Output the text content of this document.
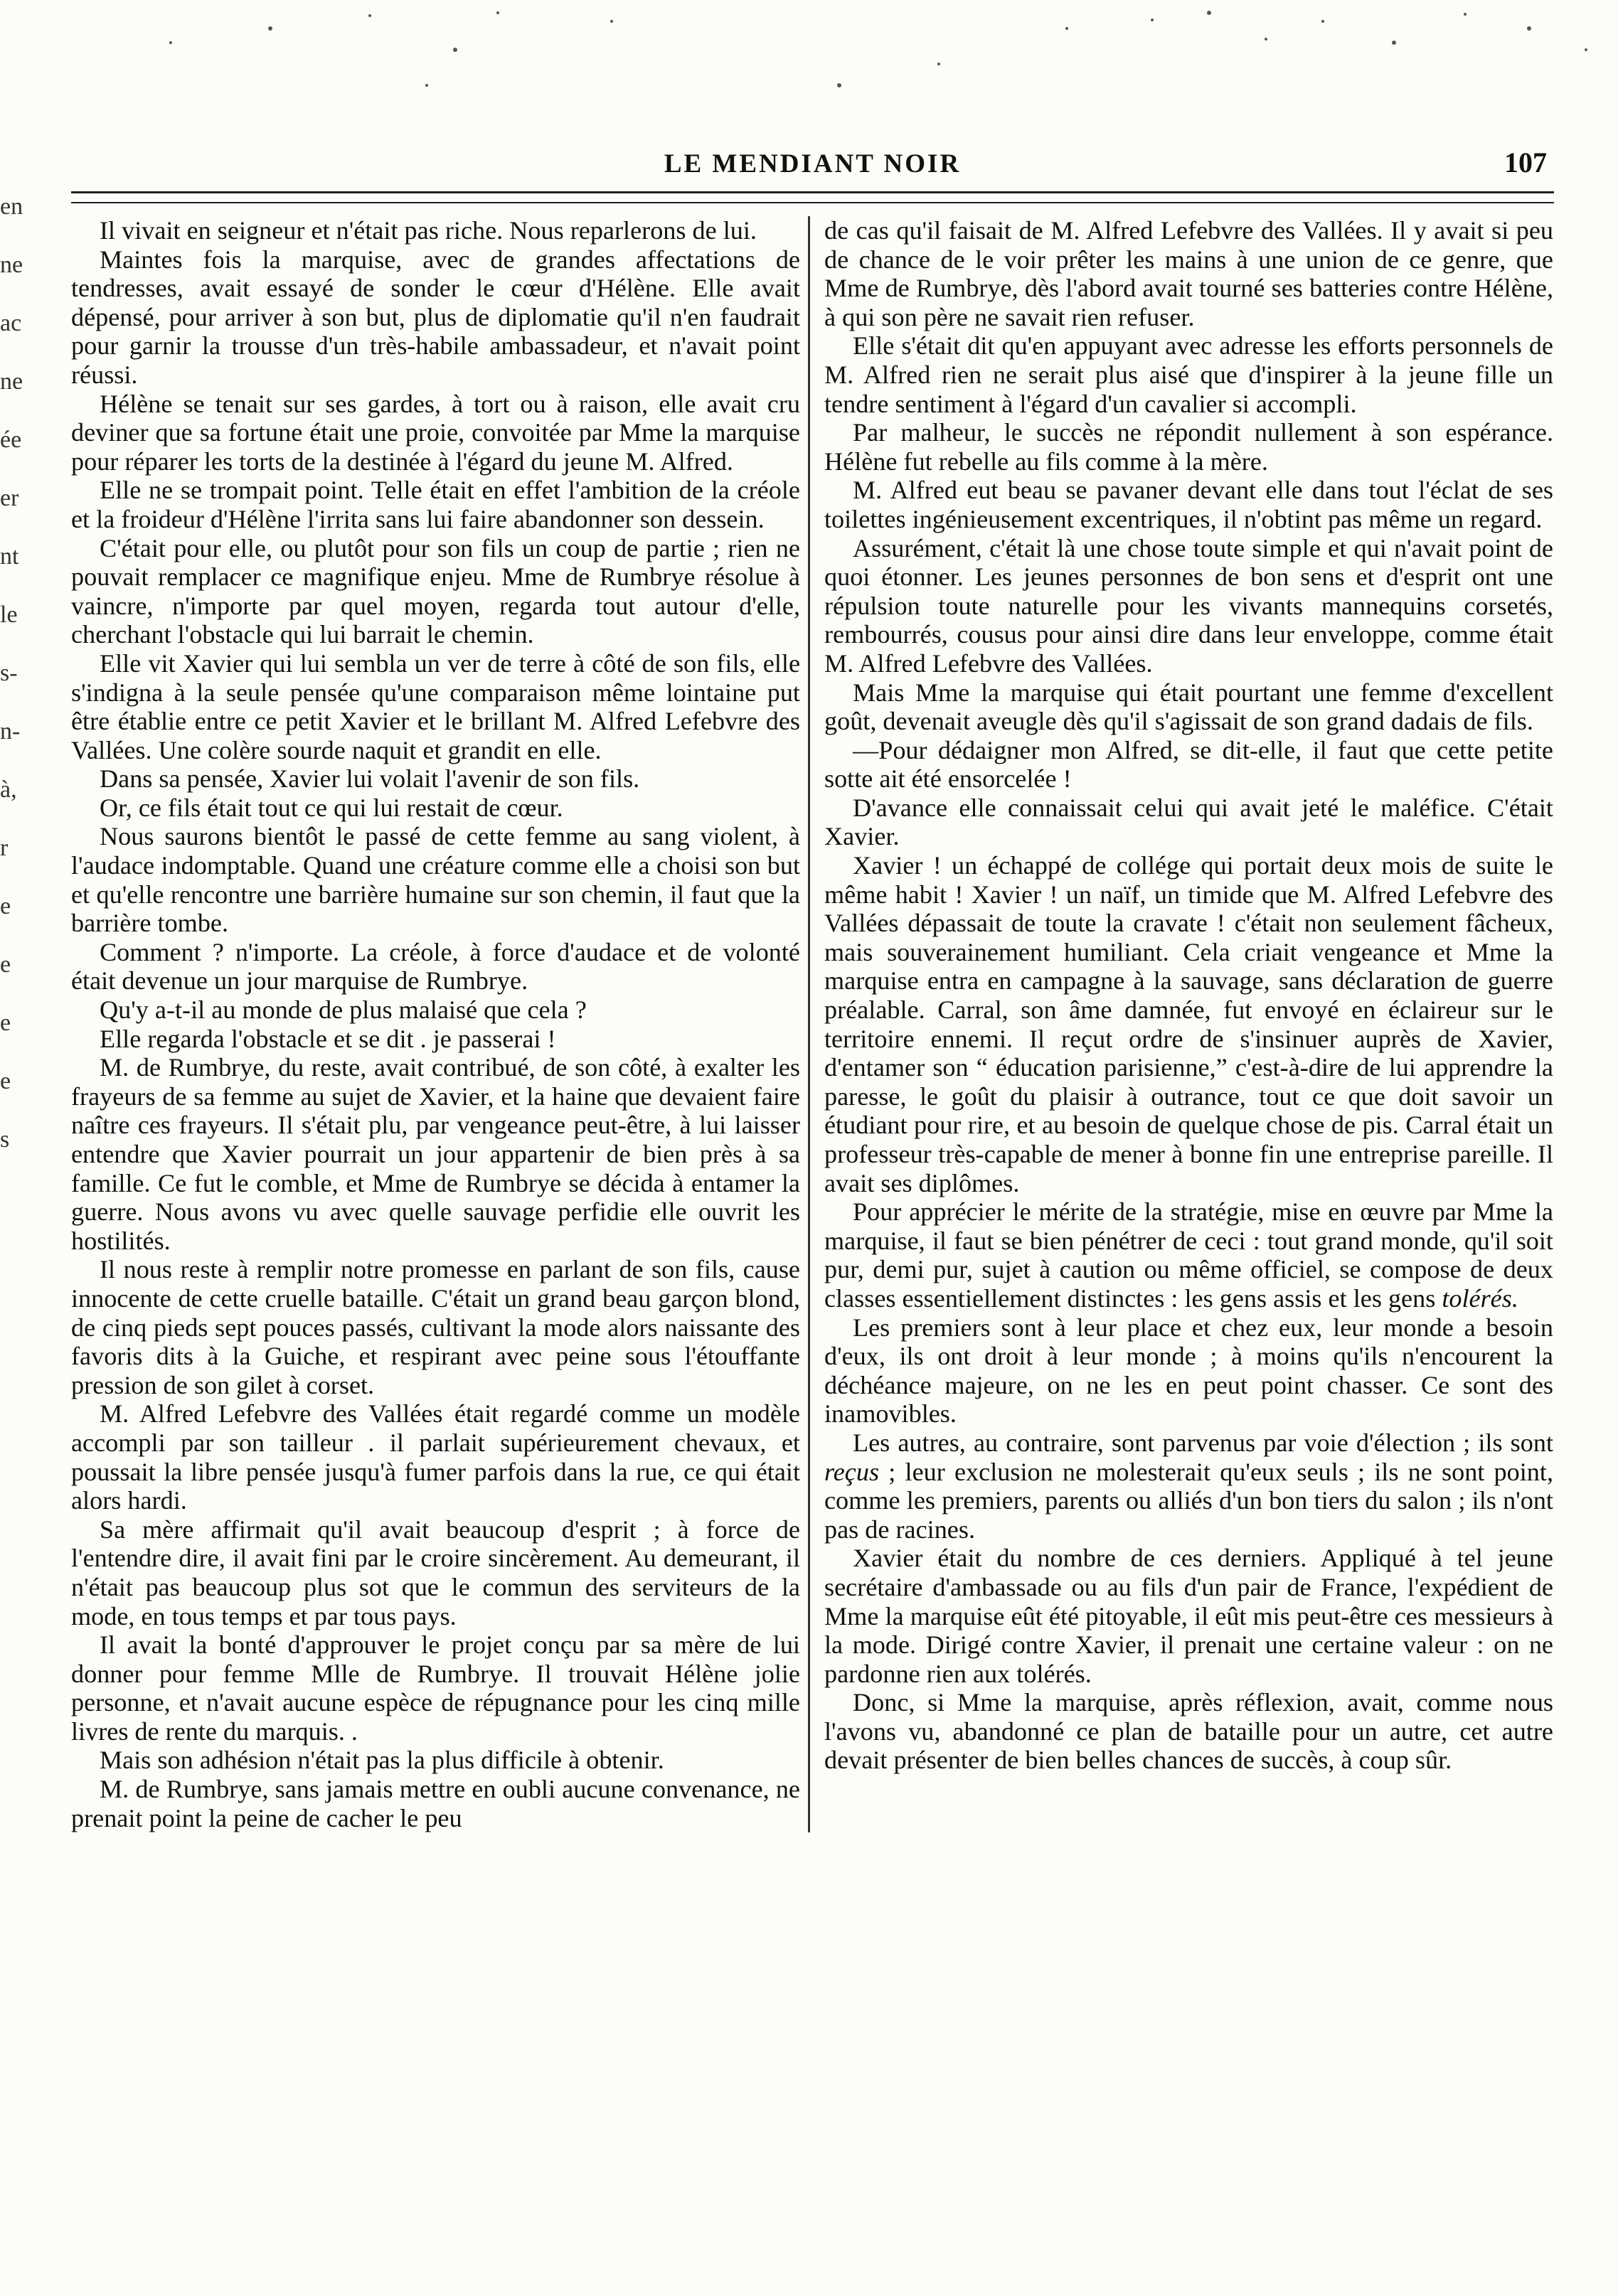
en
ne
ac
ne
ée
er
nt
le
s-
n-
à,
r
e
e
e
e
s
LE MENDIANT NOIR	107

Il vivait en seigneur et n'était pas riche. Nous reparlerons de lui.

Maintes fois la marquise, avec de grandes affectations de tendresses, avait essayé de sonder le cœur d'Hélène. Elle avait dépensé, pour arriver à son but, plus de diplomatie qu'il n'en faudrait pour garnir la trousse d'un très-habile ambassadeur, et n'avait point réussi.

Hélène se tenait sur ses gardes, à tort ou à raison, elle avait cru deviner que sa fortune était une proie, convoitée par Mme la marquise pour réparer les torts de la destinée à l'égard du jeune M. Alfred.

Elle ne se trompait point. Telle était en effet l'ambition de la créole et la froideur d'Hélène l'irrita sans lui faire abandonner son dessein.

C'était pour elle, ou plutôt pour son fils un coup de partie ; rien ne pouvait remplacer ce magnifique enjeu. Mme de Rumbrye résolue à vaincre, n'importe par quel moyen, regarda tout autour d'elle, cherchant l'obstacle qui lui barrait le chemin.

Elle vit Xavier qui lui sembla un ver de terre à côté de son fils, elle s'indigna à la seule pensée qu'une comparaison même lointaine put être établie entre ce petit Xavier et le brillant M. Alfred Lefebvre des Vallées. Une colère sourde naquit et grandit en elle.

Dans sa pensée, Xavier lui volait l'avenir de son fils.

Or, ce fils était tout ce qui lui restait de cœur.

Nous saurons bientôt le passé de cette femme au sang violent, à l'audace indomptable. Quand une créature comme elle a choisi son but et qu'elle rencontre une barrière humaine sur son chemin, il faut que la barrière tombe.

Comment ? n'importe. La créole, à force d'audace et de volonté était devenue un jour marquise de Rumbrye.

Qu'y a-t-il au monde de plus malaisé que cela ?

Elle regarda l'obstacle et se dit . je passerai !

M. de Rumbrye, du reste, avait contribué, de son côté, à exalter les frayeurs de sa femme au sujet de Xavier, et la haine que devaient faire naître ces frayeurs. Il s'était plu, par vengeance peut-être, à lui laisser entendre que Xavier pourrait un jour appartenir de bien près à sa famille. Ce fut le comble, et Mme de Rumbrye se décida à entamer la guerre. Nous avons vu avec quelle sauvage perfidie elle ouvrit les hostilités.

Il nous reste à remplir notre promesse en parlant de son fils, cause innocente de cette cruelle bataille. C'était un grand beau garçon blond, de cinq pieds sept pouces passés, cultivant la mode alors naissante des favoris dits à la Guiche, et respirant avec peine sous l'étouffante pression de son gilet à corset.

M. Alfred Lefebvre des Vallées était regardé comme un modèle accompli par son tailleur . il parlait supérieurement chevaux, et poussait la libre pensée jusqu'à fumer parfois dans la rue, ce qui était alors hardi.

Sa mère affirmait qu'il avait beaucoup d'esprit ; à force de l'entendre dire, il avait fini par le croire sincèrement. Au demeurant, il n'était pas beaucoup plus sot que le commun des serviteurs de la mode, en tous temps et par tous pays.

Il avait la bonté d'approuver le projet conçu par sa mère de lui donner pour femme Mlle de Rumbrye. Il trouvait Hélène jolie personne, et n'avait aucune espèce de répugnance pour les cinq mille livres de rente du marquis. .

Mais son adhésion n'était pas la plus difficile à obtenir.

M. de Rumbrye, sans jamais mettre en oubli aucune convenance, ne prenait point la peine de cacher le peu

de cas qu'il faisait de M. Alfred Lefebvre des Vallées. Il y avait si peu de chance de le voir prêter les mains à une union de ce genre, que Mme de Rumbrye, dès l'abord avait tourné ses batteries contre Hélène, à qui son père ne savait rien refuser.

Elle s'était dit qu'en appuyant avec adresse les efforts personnels de M. Alfred rien ne serait plus aisé que d'inspirer à la jeune fille un tendre sentiment à l'égard d'un cavalier si accompli.

Par malheur, le succès ne répondit nullement à son espérance. Hélène fut rebelle au fils comme à la mère.

M. Alfred eut beau se pavaner devant elle dans tout l'éclat de ses toilettes ingénieusement excentriques, il n'obtint pas même un regard.

Assurément, c'était là une chose toute simple et qui n'avait point de quoi étonner. Les jeunes personnes de bon sens et d'esprit ont une répulsion toute naturelle pour les vivants mannequins corsetés, rembourrés, cousus pour ainsi dire dans leur enveloppe, comme était M. Alfred Lefebvre des Vallées.

Mais Mme la marquise qui était pourtant une femme d'excellent goût, devenait aveugle dès qu'il s'agissait de son grand dadais de fils.

—Pour dédaigner mon Alfred, se dit-elle, il faut que cette petite sotte ait été ensorcelée !

D'avance elle connaissait celui qui avait jeté le maléfice. C'était Xavier.

Xavier ! un échappé de collége qui portait deux mois de suite le même habit ! Xavier ! un naïf, un timide que M. Alfred Lefebvre des Vallées dépassait de toute la cravate ! c'était non seulement fâcheux, mais souverainement humiliant. Cela criait vengeance et Mme la marquise entra en campagne à la sauvage, sans déclaration de guerre préalable. Carral, son âme damnée, fut envoyé en éclaireur sur le territoire ennemi. Il reçut ordre de s'insinuer auprès de Xavier, d'entamer son “ éducation parisienne,” c'est-à-dire de lui apprendre la paresse, le goût du plaisir à outrance, tout ce que doit savoir un étudiant pour rire, et au besoin de quelque chose de pis. Carral était un professeur très-capable de mener à bonne fin une entreprise pareille. Il avait ses diplômes.

Pour apprécier le mérite de la stratégie, mise en œuvre par Mme la marquise, il faut se bien pénétrer de ceci : tout grand monde, qu'il soit pur, demi pur, sujet à caution ou même officiel, se compose de deux classes essentiellement distinctes : les gens assis et les gens tolérés.

Les premiers sont à leur place et chez eux, leur monde a besoin d'eux, ils ont droit à leur monde ; à moins qu'ils n'encourent la déchéance majeure, on ne les en peut point chasser. Ce sont des inamovibles.

Les autres, au contraire, sont parvenus par voie d'élection ; ils sont reçus ; leur exclusion ne molesterait qu'eux seuls ; ils ne sont point, comme les premiers, parents ou alliés d'un bon tiers du salon ; ils n'ont pas de racines.

Xavier était du nombre de ces derniers. Appliqué à tel jeune secrétaire d'ambassade ou au fils d'un pair de France, l'expédient de Mme la marquise eût été pitoyable, il eût mis peut-être ces messieurs à la mode. Dirigé contre Xavier, il prenait une certaine valeur : on ne pardonne rien aux tolérés.

Donc, si Mme la marquise, après réflexion, avait, comme nous l'avons vu, abandonné ce plan de bataille pour un autre, cet autre devait présenter de bien belles chances de succès, à coup sûr.
